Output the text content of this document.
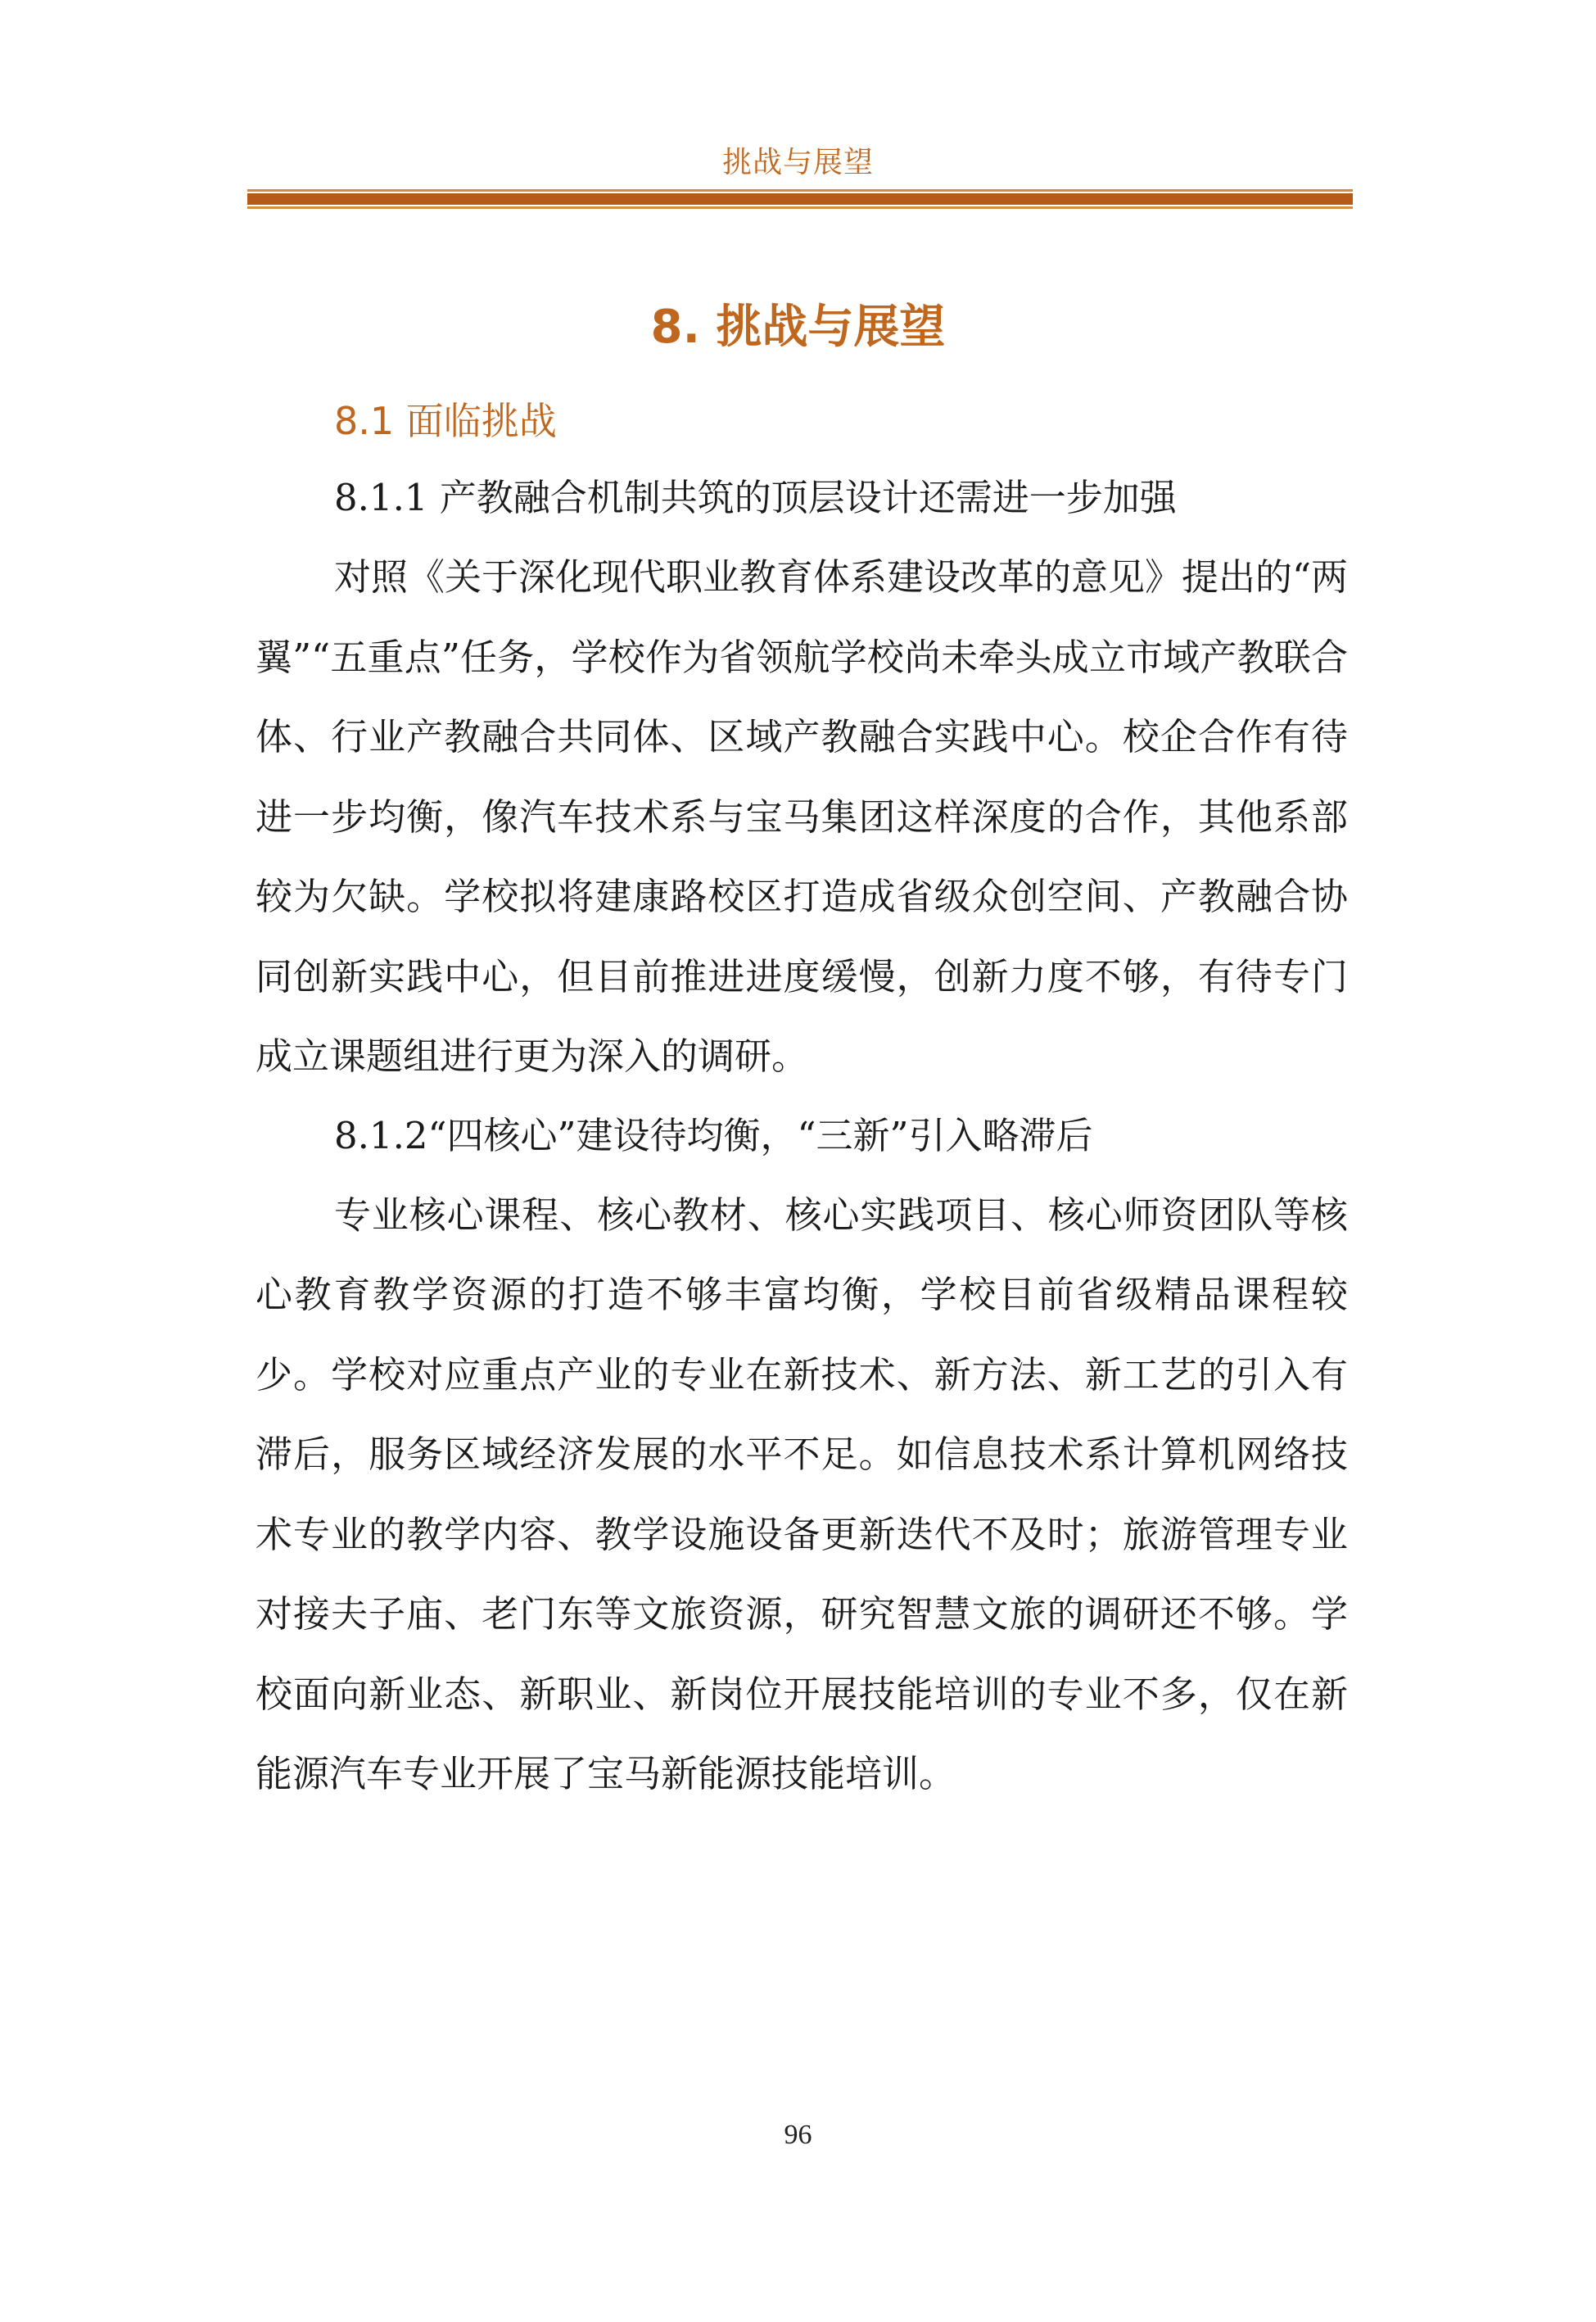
挑战与展望
8. 挑战与展望
8.1 面临挑战

8.1.1 产教融合机制共筑的顶层设计还需进一步加强

对照《关于深化现代职业教育体系建设改革的意见》提出的“两翼”“五重点”任务，学校作为省领航学校尚未牵头成立市域产教联合体、行业产教融合共同体、区域产教融合实践中心。校企合作有待进一步均衡，像汽车技术系与宝马集团这样深度的合作，其他系部较为欠缺。学校拟将建康路校区打造成省级众创空间、产教融合协同创新实践中心，但目前推进进度缓慢，创新力度不够，有待专门成立课题组进行更为深入的调研。

8.1.2“四核心”建设待均衡，“三新”引入略滞后

专业核心课程、核心教材、核心实践项目、核心师资团队等核心教育教学资源的打造不够丰富均衡，学校目前省级精品课程较少。学校对应重点产业的专业在新技术、新方法、新工艺的引入有滞后，服务区域经济发展的水平不足。如信息技术系计算机网络技术专业的教学内容、教学设施设备更新迭代不及时；旅游管理专业对接夫子庙、老门东等文旅资源，研究智慧文旅的调研还不够。学校面向新业态、新职业、新岗位开展技能培训的专业不多，仅在新能源汽车专业开展了宝马新能源技能培训。

96
